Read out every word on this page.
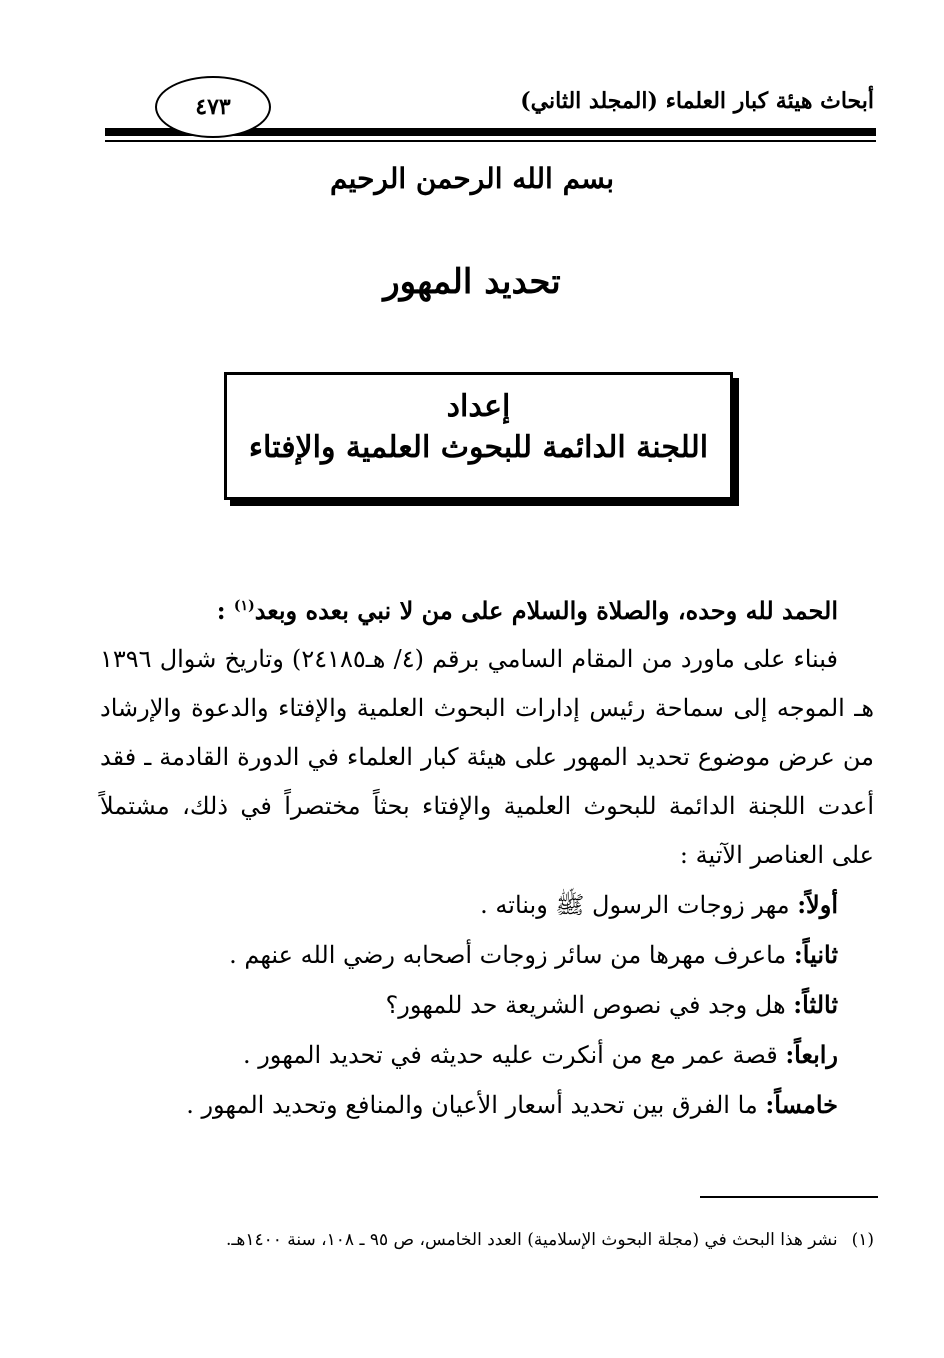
أبحاث هيئة كبار العلماء (المجلد الثاني)
٤٧٣
بسم الله الرحمن الرحيم
تحديد المهور
إعداد
اللجنة الدائمة للبحوث العلمية والإفتاء
الحمد لله وحده، والصلاة والسلام على من لا نبي بعده وبعد$^{(١)}$ :
فبناء على ماورد من المقام السامي برقم (٤/ هـ٢٤١٨٥) وتاريخ شوال ١٣٩٦ هـ الموجه إلى سماحة رئيس إدارات البحوث العلمية والإفتاء والدعوة والإرشاد من عرض موضوع تحديد المهور على هيئة كبار العلماء في الدورة القادمة ـ فقد أعدت اللجنة الدائمة للبحوث العلمية والإفتاء بحثاً مختصراً في ذلك، مشتملاً على العناصر الآتية :
أولاً: مهر زوجات الرسول ﷺ وبناته .
ثانياً: ماعرف مهرها من سائر زوجات أصحابه رضي الله عنهم .
ثالثاً: هل وجد في نصوص الشريعة حد للمهور؟
رابعاً: قصة عمر مع من أنكرت عليه حديثه في تحديد المهور .
خامساً: ما الفرق بين تحديد أسعار الأعيان والمنافع وتحديد المهور .
(١)نشر هذا البحث في (مجلة البحوث الإسلامية) العدد الخامس، ص ٩٥ ـ ١٠٨، سنة ١٤٠٠هـ.
